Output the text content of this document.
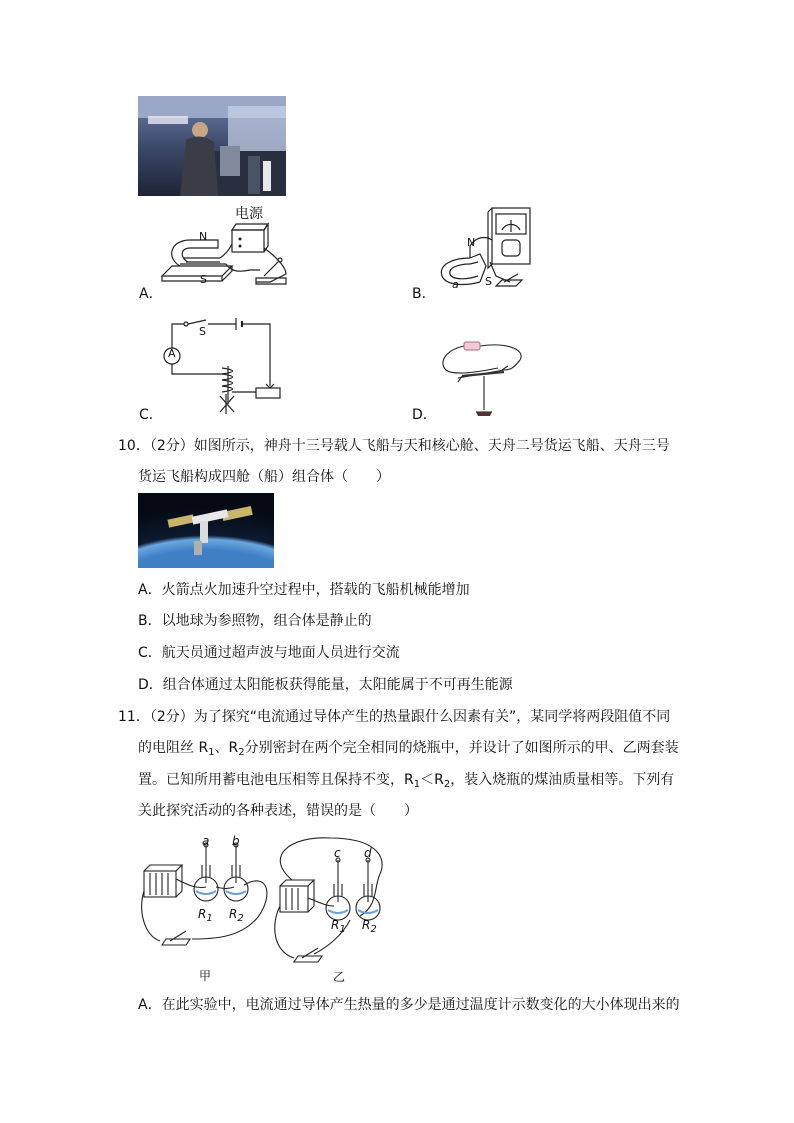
电源
N
S
A．
N
S
a
B．
A
S
C．	D．
10．（2分）如图所示，神舟十三号载人飞船与天和核心舱、天舟二号货运飞船、天舟三号
货运飞船构成四舱（船）组合体（　　）
A．火箭点火加速升空过程中，搭载的飞船机械能增加
B．以地球为参照物，组合体是静止的
C．航天员通过超声波与地面人员进行交流
D．组合体通过太阳能板获得能量，太阳能属于不可再生能源
11．（2分）为了探究“电流通过导体产生的热量跟什么因素有关”，某同学将两段阻值不同
的电阻丝 $R_1$、$R_2$分别密封在两个完全相同的烧瓶中，并设计了如图所示的甲、乙两套装
置。已知所用蓄电池电压相等且保持不变，$R_1<R_2$，装入烧瓶的煤油质量相等。下列有
关此探究活动的各种表述，错误的是（　　）
a b
$R_1$ $R_2$
甲
c d
$R_1$ $R_2$
乙
A．在此实验中，电流通过导体产生热量的多少是通过温度计示数变化的大小体现出来的
